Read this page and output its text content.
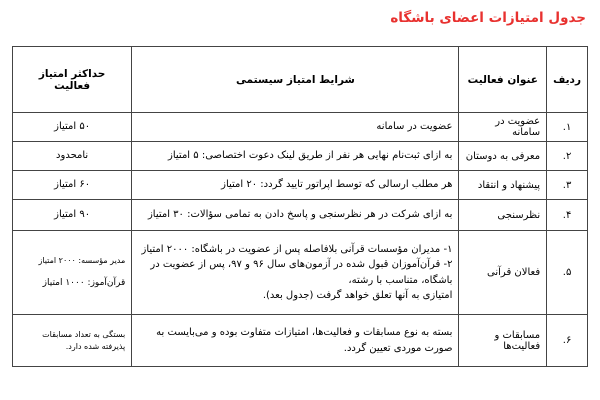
جدول امتیازات اعضای باشگاه
ردیف	عنوان فعالیت	شرایط امتیاز سیستمی	حداکثر امتیاز
فعالیت

۱.	عضویت در سامانه	عضویت در سامانه	۵۰ امتیاز
۲.	معرفی به دوستان	به ازای ثبت‌نام نهایی هر نفر از طریق لینک دعوت اختصاصی: ۵ امتیاز	نامحدود
۳.	پیشنهاد و انتقاد	هر مطلب ارسالی که توسط اپراتور تایید گردد: ۲۰ امتیاز	۶۰ امتیاز
۴.	نظرسنجی	به ازای شرکت در هر نظرسنجی و پاسخ دادن به تمامی سؤالات: ۳۰ امتیاز	۹۰ امتیاز
۵.	فعالان قرآنی	۱- مدیران مؤسسات قرآنی بلافاصله پس از عضویت در باشگاه: ۲۰۰۰ امتیاز
۲- قرآن‌آموزان قبول شده در آزمون‌های سال ۹۶ و ۹۷، پس از عضویت در باشگاه، متناسب با رشته،
امتیازی به آنها تعلق خواهد گرفت (جدول بعد).	مدیر مؤسسه: ۲۰۰۰ امتیاز
قرآن‌آموز: ۱۰۰۰ امتیاز

۶.	مسابقات و فعالیت‌ها	بسته به نوع مسابقات و فعالیت‌ها، امتیازات متفاوت بوده و می‌بایست به صورت موردی تعیین گردد.	بستگی به تعداد مسابقات
پذیرفته شده دارد.
